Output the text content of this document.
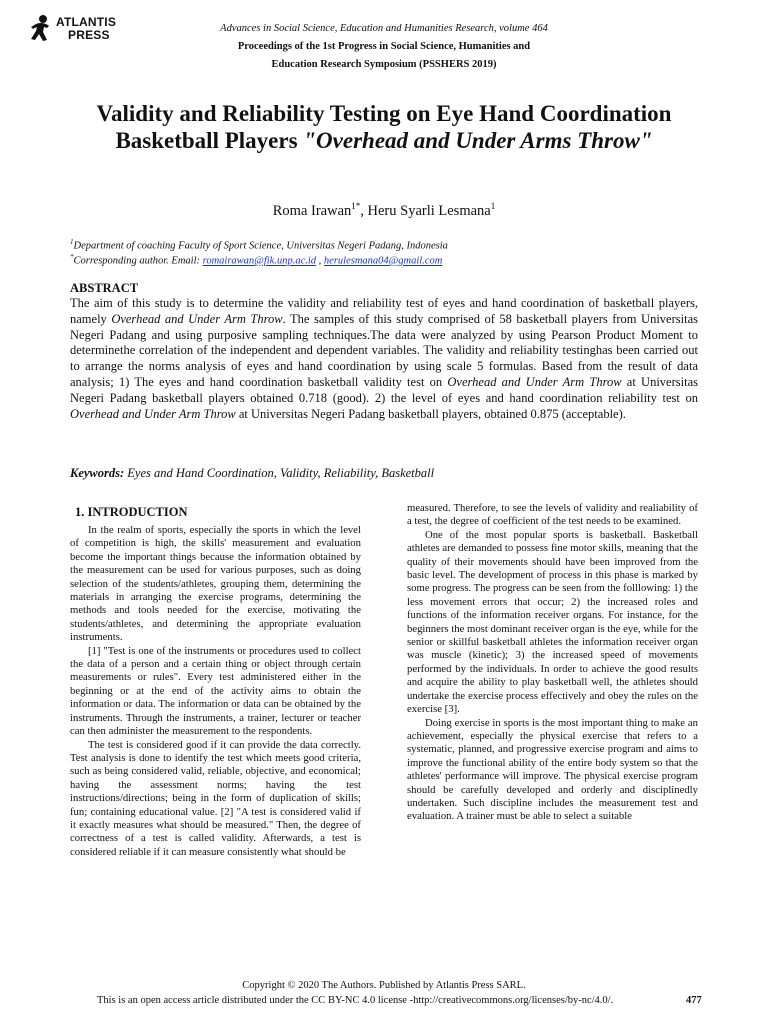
ATLANTIS
PRESS	Advances in Social Science, Education and Humanities Research, volume 464
Proceedings of the 1st Progress in Social Science, Humanities and
Education Research Symposium (PSSHERS 2019)
Validity and Reliability Testing on Eye Hand Coordination Basketball Players "Overhead and Under Arms Throw"
Roma Irawan$^{1*}$, Heru Syarli Lesmana$^1$
$^1$Department of coaching Faculty of Sport Science, Universitas Negeri Padang, Indonesia
*Corresponding author. Email: romairawan@fik.unp.ac.id , herulesmana04@gmail.com
ABSTRACT
The aim of this study is to determine the validity and reliability test of eyes and hand coordination of basketball players, namely Overhead and Under Arm Throw. The samples of this study comprised of 58 basketball players from Universitas Negeri Padang and using purposive sampling techniques.The data were analyzed by using Pearson Product Moment to determinethe correlation of the independent and dependent variables. The validity and reliability testinghas been carried out to arrange the norms analysis of eyes and hand coordination by using scale 5 formulas. Based from the result of data analysis; 1) The eyes and hand coordination basketball validity test on Overhead and Under Arm Throw at Universitas Negeri Padang basketball players obtained 0.718 (good). 2) the level of eyes and hand coordination reliability test on Overhead and Under Arm Throw at Universitas Negeri Padang basketball players, obtained 0.875 (acceptable).
Keywords: Eyes and Hand Coordination, Validity, Reliability, Basketball
1. INTRODUCTION

In the realm of sports, especially the sports in which the level of competition is high, the skills' measurement and evaluation become the important things because the information obtained by the measurement can be used for various purposes, such as doing selection of the students/athletes, grouping them, determining the materials in arranging the exercise programs, determining the methods and tools needed for the exercise, motivating the students/athletes, and determining the appropriate evaluation instruments.

[1] "Test is one of the instruments or procedures used to collect the data of a person and a certain thing or object through certain measurements or rules". Every test administered either in the beginning or at the end of the activity aims to obtain the information or data. The information or data can be obtained by the instruments. Through the instruments, a trainer, lecturer or teacher can then administer the measurement to the respondents.

The test is considered good if it can provide the data correctly. Test analysis is done to identify the test which meets good criteria, such as being considered valid, reliable, objective, and economical; having the assessment norms; having the test instructions/directions; being in the form of duplication of skills; fun; containing educational value. [2] "A test is considered valid if it exactly measures what should be measured." Then, the degree of correctness of a test is called validity. Afterwards, a test is considered reliable if it can measure consistently what should be

measured. Therefore, to see the levels of validity and realiability of a test, the degree of coefficient of the test needs to be examined.

One of the most popular sports is basketball. Basketball athletes are demanded to possess fine motor skills, meaning that the quality of their movements should have been improved from the basic level. The development of process in this phase is marked by some progress. The progress can be seen from the folllowing: 1) the less movement errors that occur; 2) the increased roles and functions of the information receiver organs. For instance, for the beginners the most dominant receiver organ is the eye, while for the senior or skillful basketball athletes the information receiver organ was muscle (kinetic); 3) the increased speed of movements performed by the individuals. In order to achieve the good results and acquire the ability to play basketball well, the athletes should undertake the exercise process effectively and obey the rules on the exercise [3].

Doing exercise in sports is the most important thing to make an achievement, especially the physical exercise that refers to a systematic, planned, and progressive exercise program and aims to improve the functional ability of the entire body system so that the athletes' performance will improve. The physical exercise program should be carefully developed and orderly and disciplinedly undertaken. Such discipline includes the measurement test and evaluation. A trainer must be able to select a suitable

Copyright © 2020 The Authors. Published by Atlantis Press SARL.
This is an open access article distributed under the CC BY-NC 4.0 license -http://creativecommons.org/licenses/by-nc/4.0/.	477
